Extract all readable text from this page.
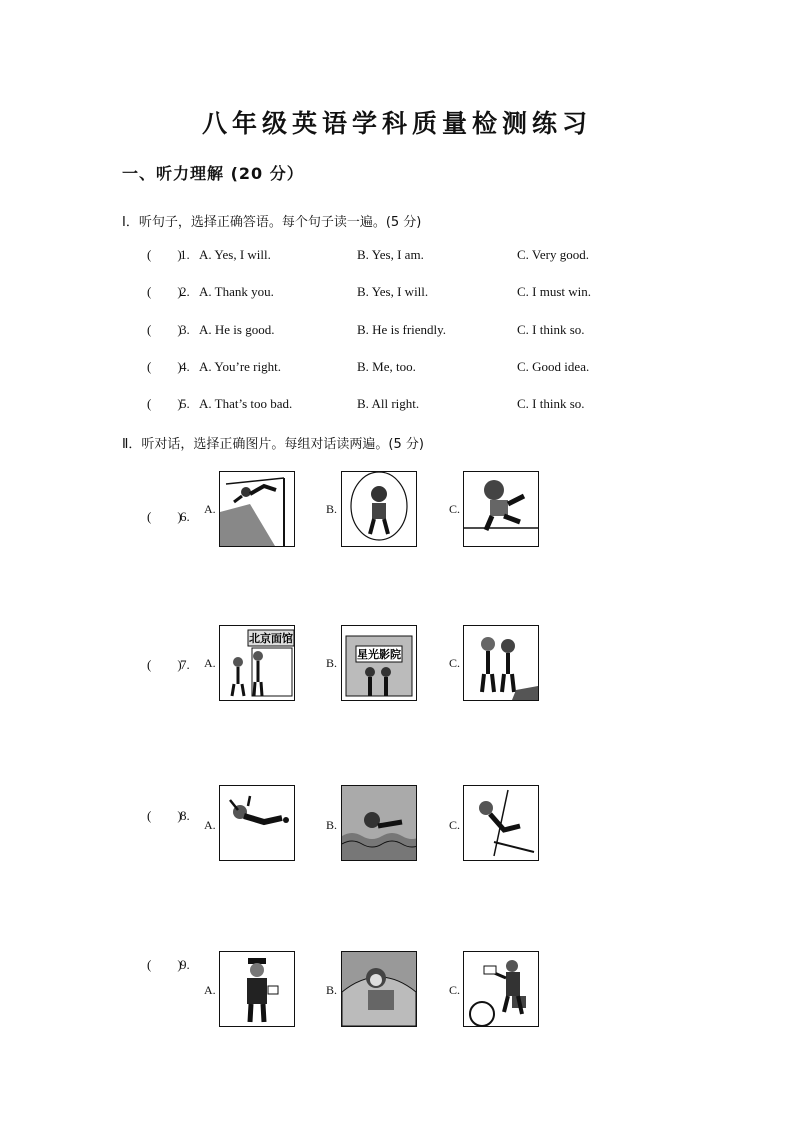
八年级英语学科质量检测练习
一、听力理解 (20 分）
Ⅰ．听句子，选择正确答语。每个句子读一遍。(5 分)
(        )
1. A. Yes, I will.	B. Yes, I am.	C. Very good.
(        )
2. A. Thank you.	B. Yes, I will.	C. I must win.
(        )
3. A. He is good.	B. He is friendly.	C. I think so.
(        )
4. A. You’re right.	B. Me, too.	C. Good idea.
(        )
5. A. That’s too bad.	B. All right.	C. I think so.
Ⅱ．听对话，选择正确图片。每组对话读两遍。(5 分)
(        )
6. A.	B.	C.
(        )
7. A.
北京面馆
B.
星光影院
C.
(        )
8.
A.	B.	C.
(        )
9.
A.	B.	C.
